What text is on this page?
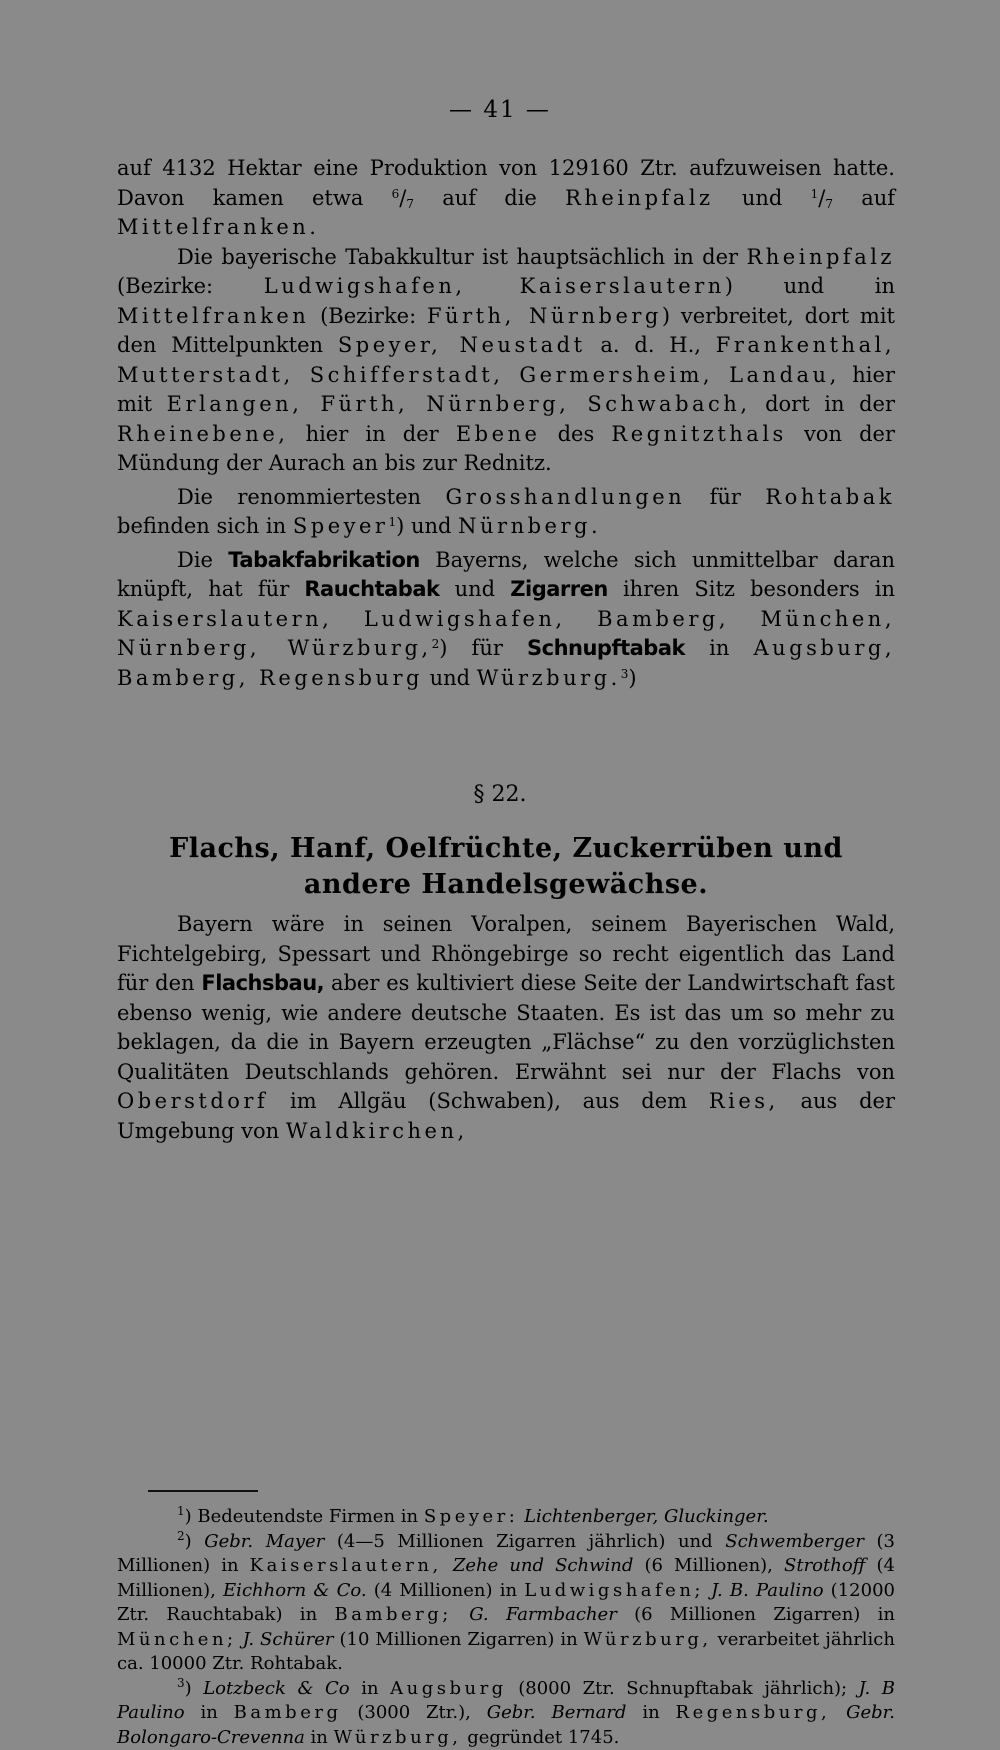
— 41 —

auf 4132 Hektar eine Produktion von 129160 Ztr. aufzuweisen hatte. Davon kamen etwa $^6/_7$ auf die Rheinpfalz und $^1/_7$ auf Mittelfranken.

Die bayerische Tabakkultur ist hauptsächlich in der Rheinpfalz (Bezirke: Ludwigshafen, Kaiserslautern) und in Mittelfranken (Bezirke: Fürth, Nürnberg) verbreitet, dort mit den Mittelpunkten Speyer, Neustadt a. d. H., Frankenthal, Mutterstadt, Schifferstadt, Germersheim, Landau, hier mit Erlangen, Fürth, Nürnberg, Schwabach, dort in der Rheinebene, hier in der Ebene des Regnitzthals von der Mündung der Aurach an bis zur Rednitz.

Die renommiertesten Grosshandlungen für Rohtabak befinden sich in Speyer$^1$) und Nürnberg.

Die Tabakfabrikation Bayerns, welche sich unmittelbar daran knüpft, hat für Rauchtabak und Zigarren ihren Sitz besonders in Kaiserslautern, Ludwigshafen, Bamberg, München, Nürnberg, Würzburg,$^2$) für Schnupftabak in Augsburg, Bamberg, Regensburg und Würzburg.$^3$)

§ 22.
Flachs, Hanf, Oelfrüchte, Zuckerrüben und
andere Handelsgewächse.

Bayern wäre in seinen Voralpen, seinem Bayerischen Wald, Fichtelgebirg, Spessart und Rhöngebirge so recht eigentlich das Land für den Flachsbau, aber es kultiviert diese Seite der Landwirtschaft fast ebenso wenig, wie andere deutsche Staaten. Es ist das um so mehr zu beklagen, da die in Bayern erzeugten „Flächse“ zu den vorzüglichsten Qualitäten Deutschlands gehören. Erwähnt sei nur der Flachs von Oberstdorf im Allgäu (Schwaben), aus dem Ries, aus der Umgebung von Waldkirchen,

$^1$) Bedeutendste Firmen in Speyer: Lichtenberger, Gluckinger.

$^2$) Gebr. Mayer (4—5 Millionen Zigarren jährlich) und Schwemberger (3 Millionen) in Kaiserslautern, Zehe und Schwind (6 Millionen), Strothoff (4 Millionen), Eichhorn & Co. (4 Millionen) in Ludwigshafen; J. B. Paulino (12000 Ztr. Rauchtabak) in Bamberg; G. Farmbacher (6 Millionen Zigarren) in München; J. Schürer (10 Millionen Zigarren) in Würzburg, verarbeitet jährlich ca. 10000 Ztr. Rohtabak.

$^3$) Lotzbeck & Co in Augsburg (8000 Ztr. Schnupftabak jährlich); J. B Paulino in Bamberg (3000 Ztr.), Gebr. Bernard in Regensburg, Gebr. Bolongaro-Crevenna in Würzburg, gegründet 1745.
